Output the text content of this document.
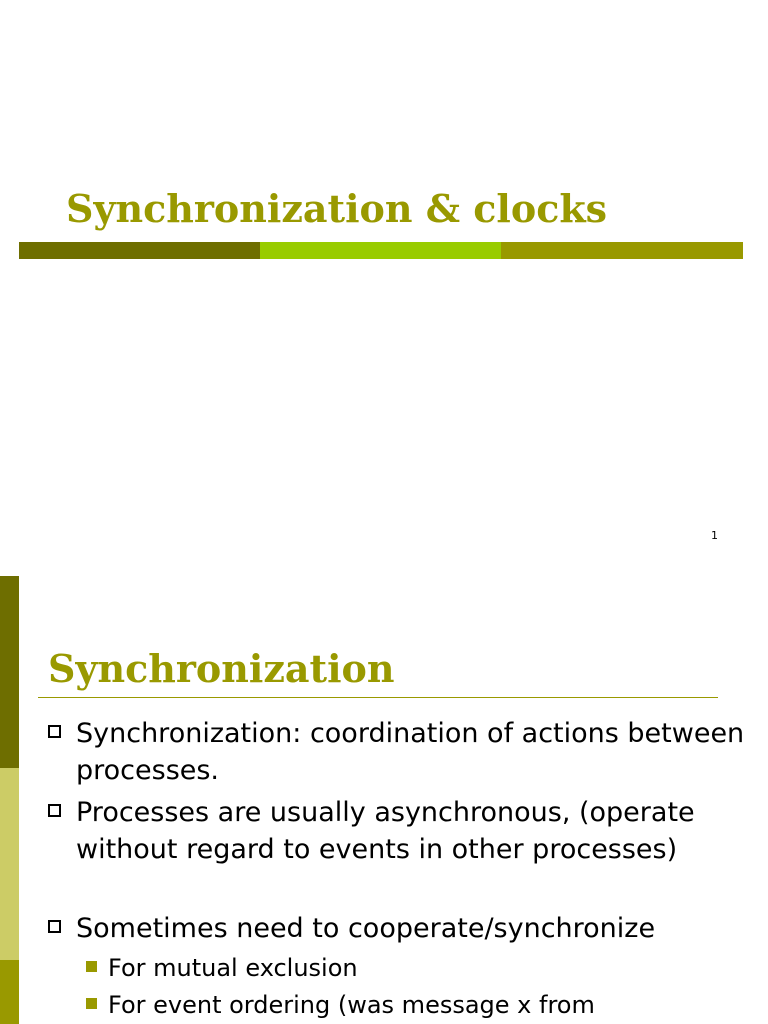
Synchronization & clocks
1
Synchronization
Synchronization: coordination of actions between processes.
Processes are usually asynchronous, (operate without regard to events in other processes)
Sometimes need to cooperate/synchronize
For mutual exclusion
For event ordering (was message x from
